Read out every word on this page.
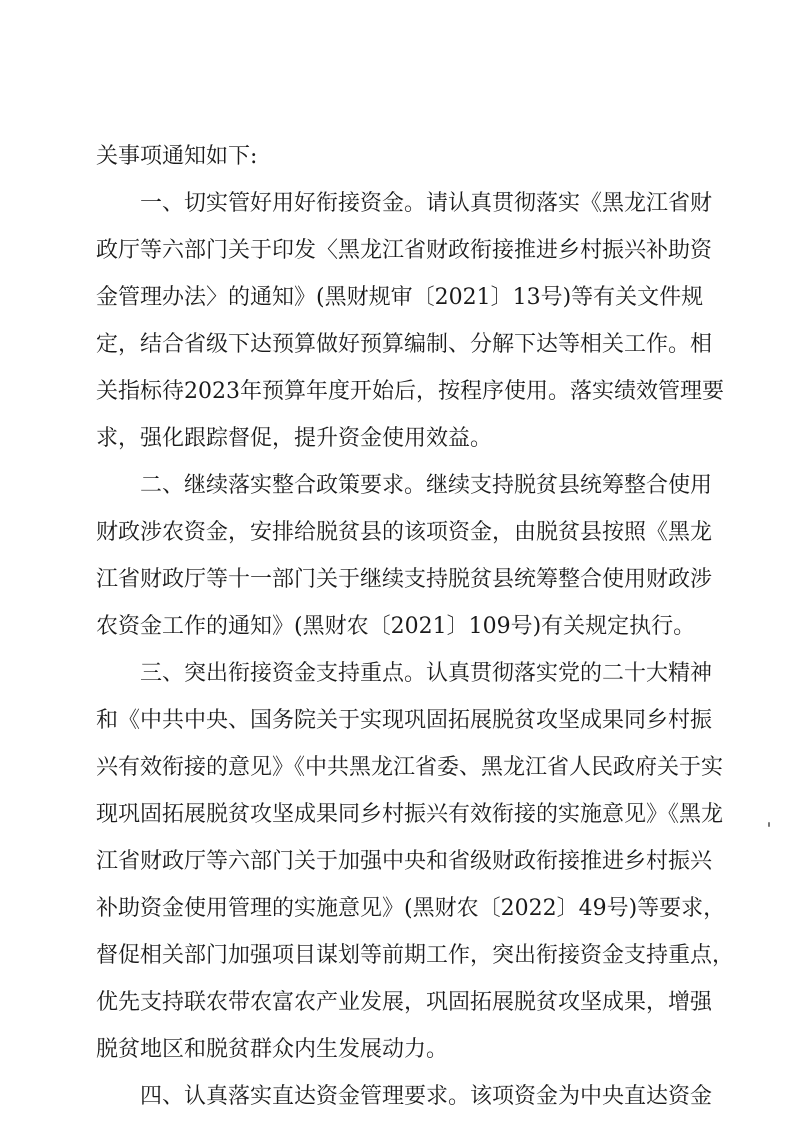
关事项通知如下:
一、切实管好用好衔接资金。请认真贯彻落实《黑龙江省财
政厅等六部门关于印发〈黑龙江省财政衔接推进乡村振兴补助资
金管理办法〉的通知》(黑财规审〔2021〕13号)等有关文件规
定，结合省级下达预算做好预算编制、分解下达等相关工作。相
关指标待2023年预算年度开始后，按程序使用。落实绩效管理要
求，强化跟踪督促，提升资金使用效益。
二、继续落实整合政策要求。继续支持脱贫县统筹整合使用
财政涉农资金，安排给脱贫县的该项资金，由脱贫县按照《黑龙
江省财政厅等十一部门关于继续支持脱贫县统筹整合使用财政涉
农资金工作的通知》(黑财农〔2021〕109号)有关规定执行。
三、突出衔接资金支持重点。认真贯彻落实党的二十大精神
和《中共中央、国务院关于实现巩固拓展脱贫攻坚成果同乡村振
兴有效衔接的意见》《中共黑龙江省委、黑龙江省人民政府关于实
现巩固拓展脱贫攻坚成果同乡村振兴有效衔接的实施意见》《黑龙
江省财政厅等六部门关于加强中央和省级财政衔接推进乡村振兴
补助资金使用管理的实施意见》(黑财农〔2022〕49号)等要求，
督促相关部门加强项目谋划等前期工作，突出衔接资金支持重点，
优先支持联农带农富农产业发展，巩固拓展脱贫攻坚成果，增强
脱贫地区和脱贫群众内生发展动力。
四、认真落实直达资金管理要求。该项资金为中央直达资金
